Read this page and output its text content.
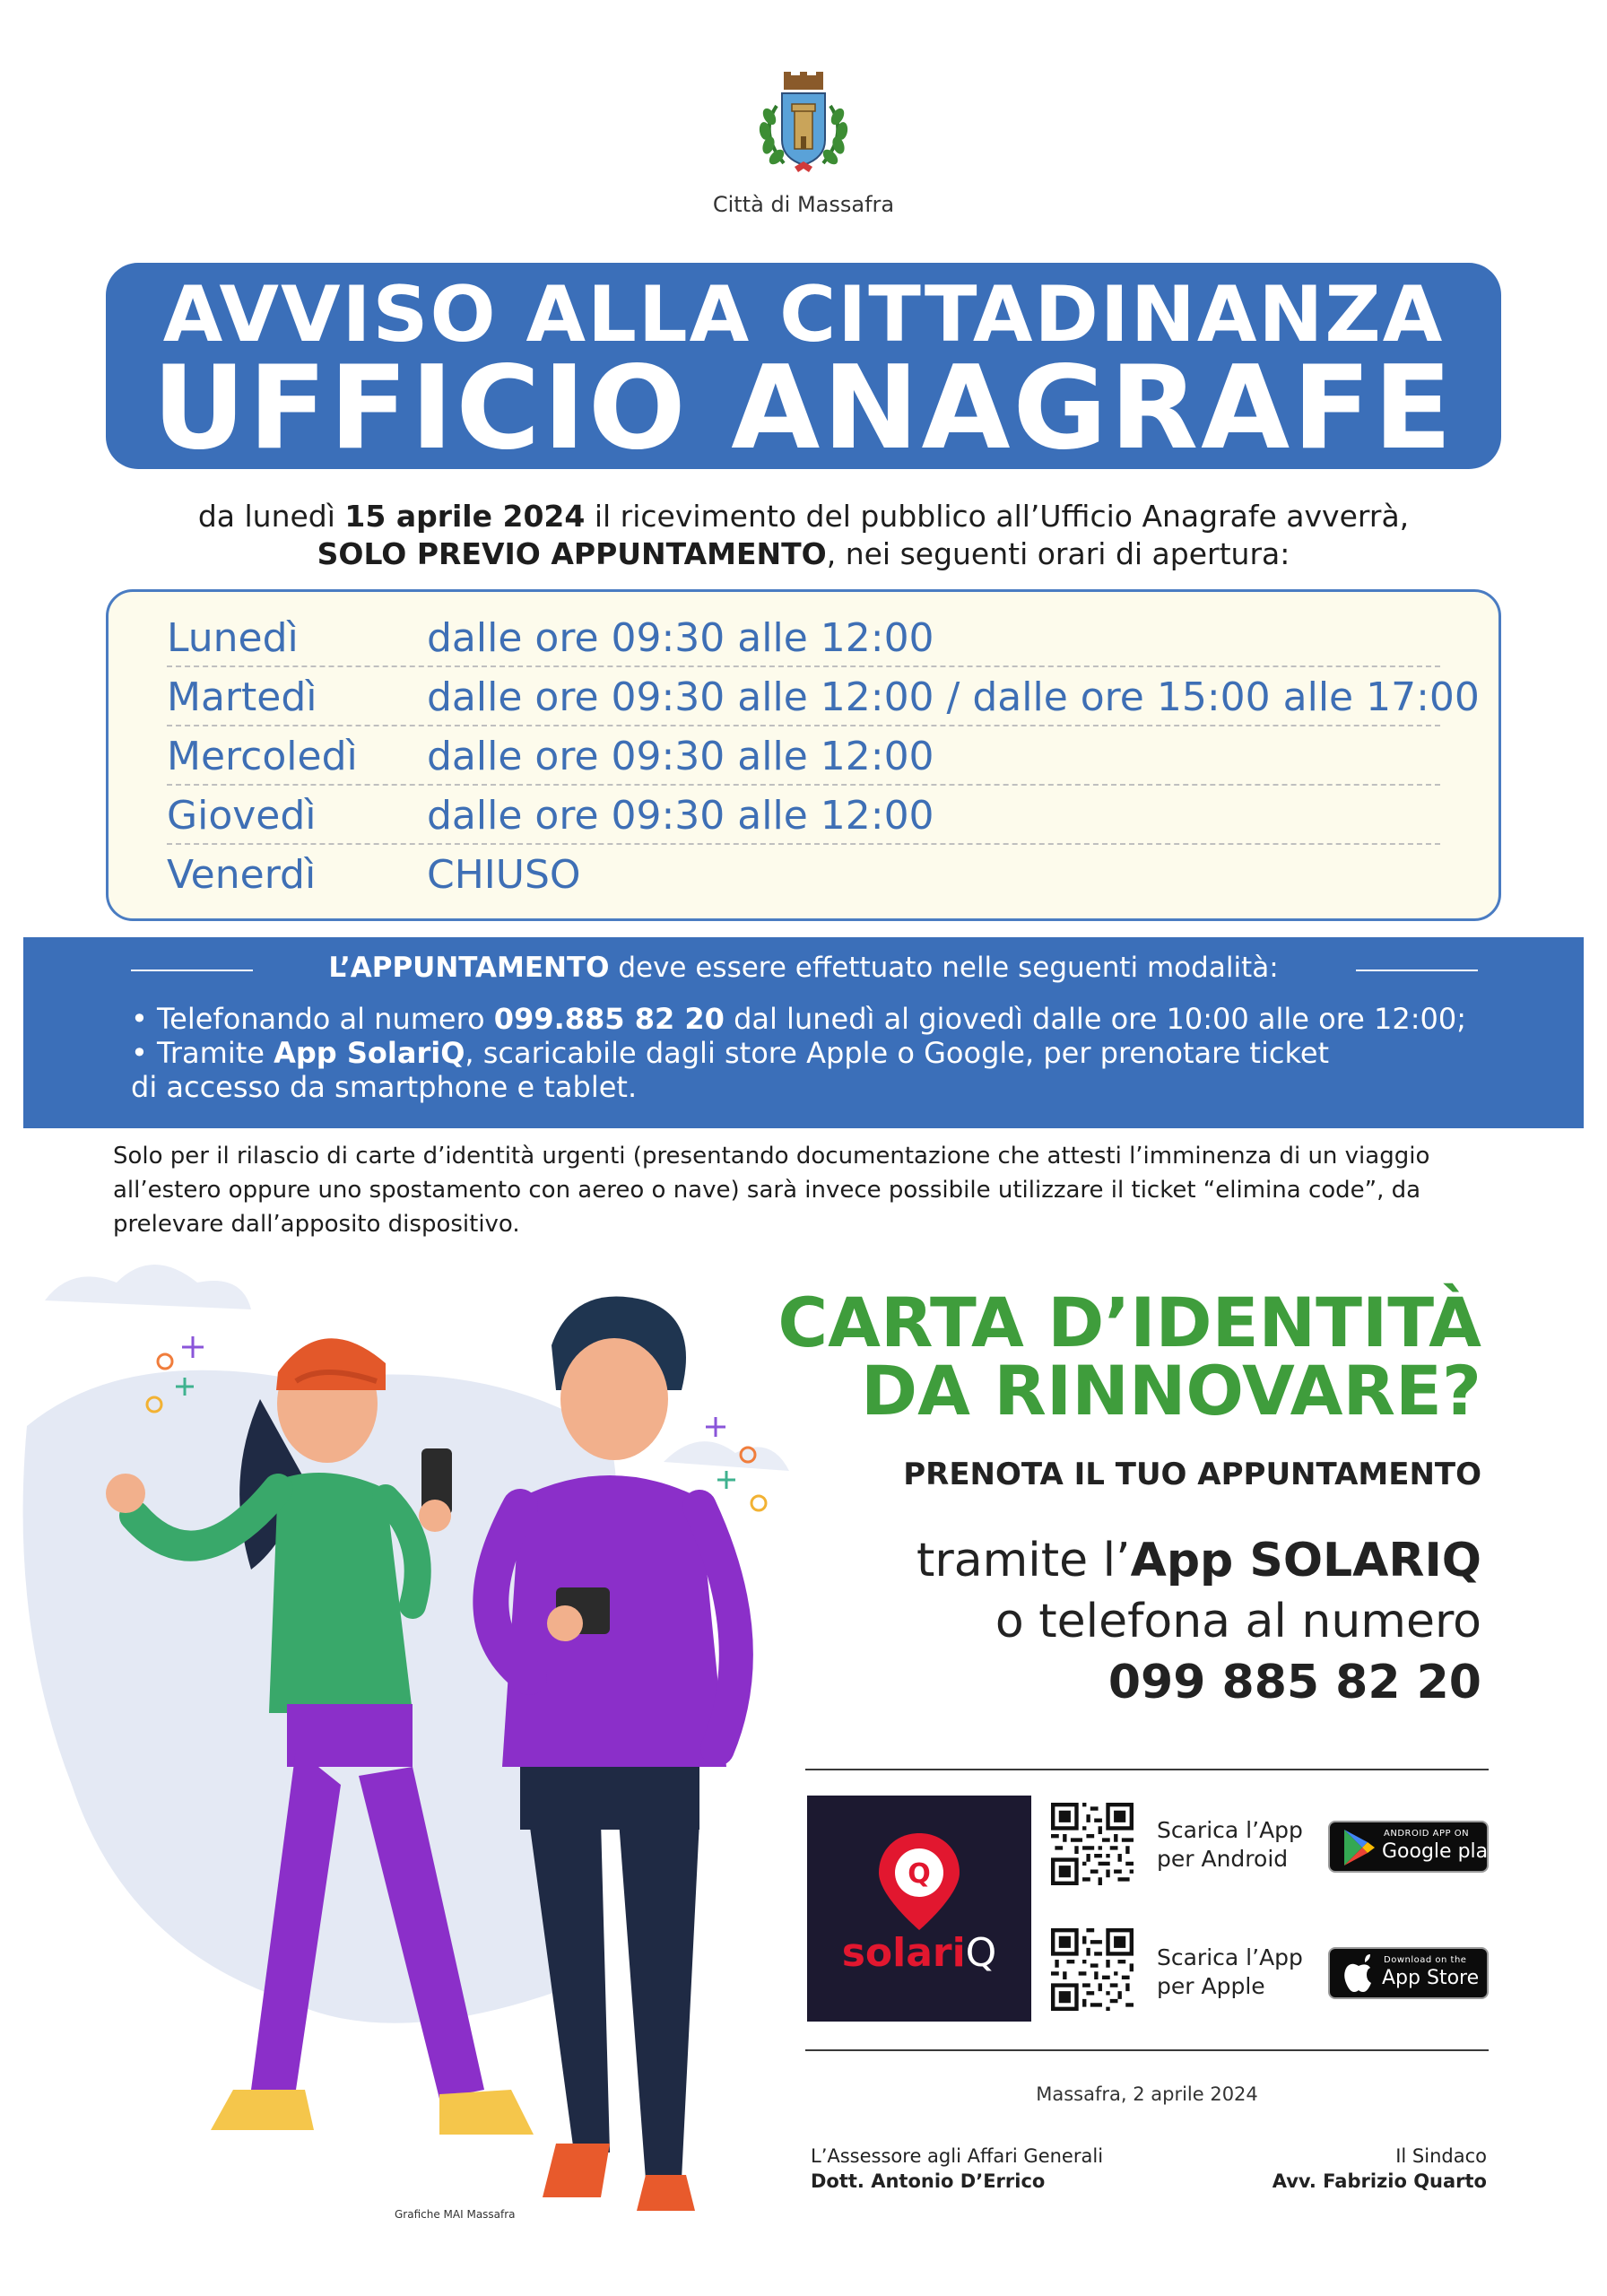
Città di Massafra
AVVISO ALLA CITTADINANZA
UFFICIO ANAGRAFE
da lunedì 15 aprile 2024 il ricevimento del pubblico all’Ufficio Anagrafe avverrà,
SOLO PREVIO APPUNTAMENTO, nei seguenti orari di apertura:
Lunedì	dalle ore 09:30 alle 12:00
Martedì	dalle ore 09:30 alle 12:00 / dalle ore 15:00 alle 17:00
Mercoledì dalle ore 09:30 alle 12:00
Giovedì	dalle ore 09:30 alle 12:00
Venerdì	CHIUSO
L’APPUNTAMENTO deve essere effettuato nelle seguenti modalità:
• Telefonando al numero 099.885 82 20 dal lunedì al giovedì dalle ore 10:00 alle ore 12:00;
• Tramite App SolariQ, scaricabile dagli store Apple o Google, per prenotare ticket
di accesso da smartphone e tablet.
Solo per il rilascio di carte d’identità urgenti (presentando documentazione che attesti l’imminenza di un viaggio all’estero oppure uno spostamento con aereo o nave) sarà invece possibile utilizzare il ticket “elimina code”, da prelevare dall’apposito dispositivo.
CARTA D’IDENTITÀ
DA RINNOVARE?
PRENOTA IL TUO APPUNTAMENTO
tramite l’App SOLARIQ
o telefona al numero
099 885 82 20
Q
solariQ
Scarica l’App
per Android
Scarica l’App
per Apple
ANDROID APP ON
Google play
Download on the
App Store
Massafra, 2 aprile 2024
L’Assessore agli Affari Generali
Dott. Antonio D’Errico
Il Sindaco
Avv. Fabrizio Quarto
Grafiche MAI Massafra
